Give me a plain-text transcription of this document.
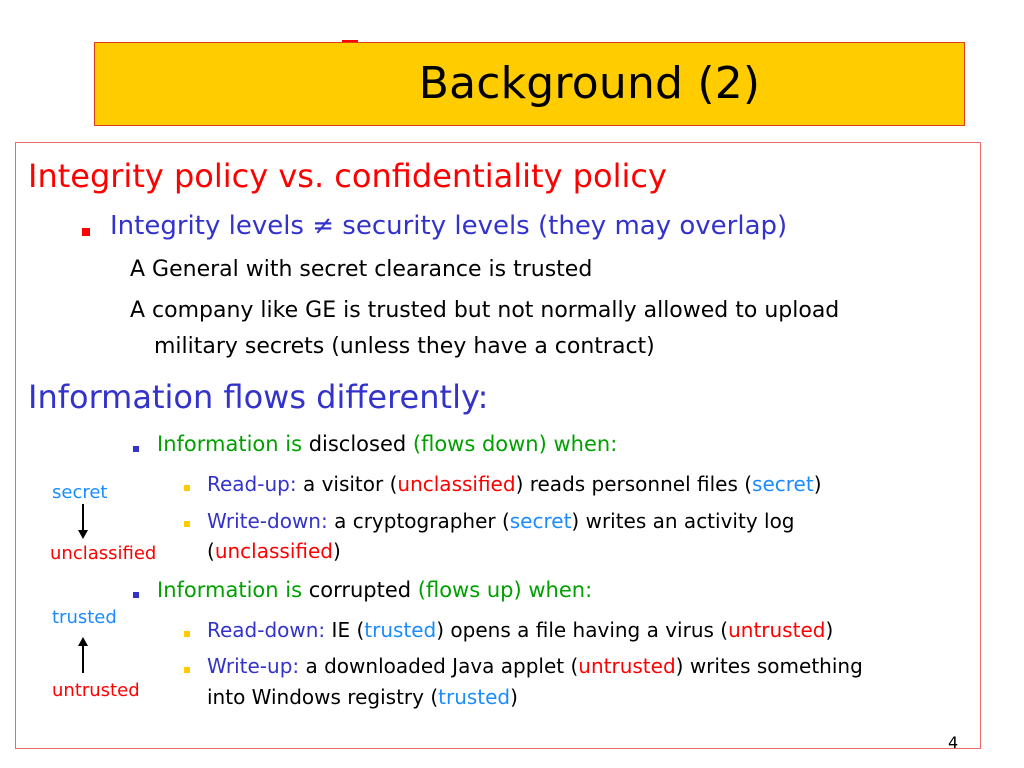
Background (2)
Integrity policy vs. confidentiality policy
Integrity levels ≠ security levels (they may overlap)
A General with secret clearance is trusted
A company like GE is trusted but not normally allowed to upload
military secrets (unless they have a contract)
Information flows differently:
Information is disclosed (flows down) when:
Read-up: a visitor (unclassified) reads personnel files (secret)
Write-down: a cryptographer (secret) writes an activity log
(unclassified)
Information is corrupted (flows up) when:
Read-down: IE (trusted) opens a file having a virus (untrusted)
Write-up: a downloaded Java applet (untrusted) writes something
into Windows registry (trusted)
secret
unclassified
trusted
untrusted
4
